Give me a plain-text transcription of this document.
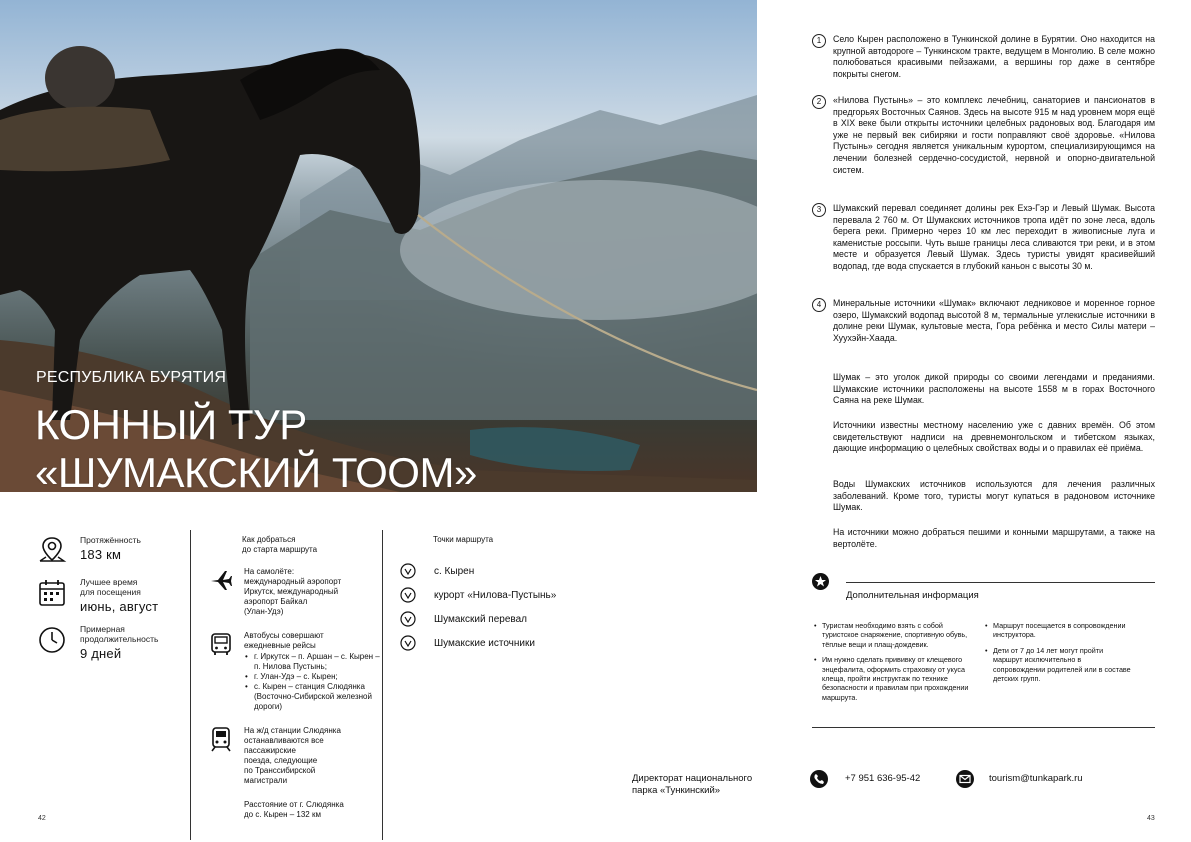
РЕСПУБЛИКА БУРЯТИЯ
КОННЫЙ ТУР
«ШУМАКСКИЙ ТООМ»
Протяжённость
183 км
Лучшее время
для посещения
июнь, август
Примерная
продолжительность
9 дней
Как добраться
до старта маршрута
На самолёте:
международный аэропорт
Иркутск, международный
аэропорт Байкал
(Улан-Удэ)
Автобусы совершают
ежедневные рейсы
• г. Иркутск – п. Аршан – с. Кырен – п. Нилова Пустынь;
• г. Улан-Удэ – с. Кырен;
• с. Кырен – станция Слюдянка (Восточно-Сибирской железной дороги)
На ж/д станции Слюдянка
останавливаются все
пассажирские
поезда, следующие
по Транссибирской
магистрали
Расстояние от г. Слюдянка
до с. Кырен – 132 км
Точки маршрута
с. Кырен
курорт «Нилова-Пустынь»
Шумакский перевал
Шумакские источники
1	Село Кырен расположено в Тункинской долине в Бурятии. Оно находится на крупной автодороге – Тункинском тракте, ведущем в Монголию. В селе можно полюбоваться красивыми пейзажами, а вершины гор даже в сентябре покрыты снегом.

2	«Нилова Пустынь» – это комплекс лечебниц, санаториев и пансионатов в предгорьях Восточных Саянов. Здесь на высоте 915 м над уровнем моря ещё в XIX веке были открыты источники целебных радоновых вод. Благодаря им уже не первый век сибиряки и гости поправляют своё здоровье. «Нилова Пустынь» сегодня является уникальным курортом, специализирующимся на лечении болезней сердечно-сосудистой, нервной и опорно-двигательной систем.

3	Шумакский перевал соединяет долины рек Ехэ-Гэр и Левый Шумак. Высота перевала 2 760 м. От Шумакских источников тропа идёт по зоне леса, вдоль берега реки. Примерно через 10 км лес переходит в живописные луга и каменистые россыпи. Чуть выше границы леса сливаются три реки, и в этом месте и образуется Левый Шумак. Здесь туристы увидят красивейший водопад, где вода спускается в глубокий каньон с высоты 30 м.

4	Минеральные источники «Шумак» включают ледниковое и моренное горное озеро, Шумакский водопад высотой 8 м, термальные углекислые источники в долине реки Шумак, культовые места, Гора ребёнка и место Силы матери – Хуухэйн-Хаада.

Шумак – это уголок дикой природы со своими легендами и преданиями. Шумакские источники расположены на высоте 1558 м в горах Восточного Саяна на реке Шумак.

Источники известны местному населению уже с давних времён. Об этом свидетельствуют надписи на древнемонгольском и тибетском языках, дающие информацию о целебных свойствах воды и о правилах её приёма.

Воды Шумакских источников используются для лечения различных заболеваний. Кроме того, туристы могут купаться в радоновом источнике Шумак.

На источники можно добраться пешими и конными маршрутами, а также на вертолёте.

Дополнительная информация
• Туристам необходимо взять с собой туристское снаряжение, спортивную обувь, тёплые вещи и плащ-дождевик.
• Им нужно сделать прививку от клещевого энцефалита, оформить страховку от укуса клеща, пройти инструктаж по технике безопасности и правилам при прохождении маршрута.
• Маршрут посещается в сопровождении инструктора.
• Дети от 7 до 14 лет могут пройти маршрут исключительно в сопровождении родителей или в составе детских групп.
Директорат национального
парка «Тункинский»
+7 951 636-95-42	tourism@tunkapark.ru
42	43
